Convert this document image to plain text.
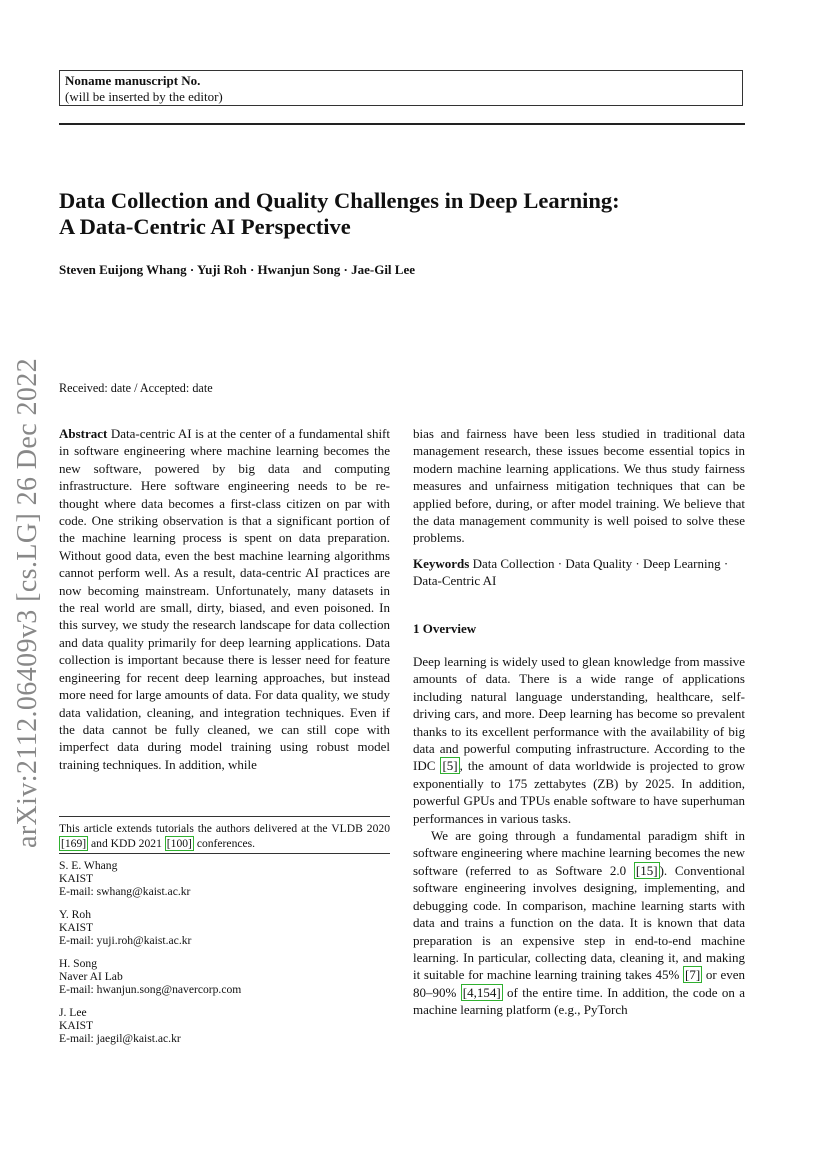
Noname manuscript No.
(will be inserted by the editor)
Data Collection and Quality Challenges in Deep Learning:
A Data-Centric AI Perspective
Steven Euijong Whang · Yuji Roh · Hwanjun Song · Jae-Gil Lee
arXiv:2112.06409v3 [cs.LG] 26 Dec 2022 Received: date / Accepted: date

Abstract Data-centric AI is at the center of a fundamental shift in software engineering where machine learning becomes the new software, powered by big data and computing infrastructure. Here software engineering needs to be re-thought where data becomes a first-class citizen on par with code. One striking observation is that a significant portion of the machine learning process is spent on data preparation. Without good data, even the best machine learning algorithms cannot perform well. As a result, data-centric AI practices are now becoming mainstream. Unfortunately, many datasets in the real world are small, dirty, biased, and even poisoned. In this survey, we study the research landscape for data collection and data quality primarily for deep learning applications. Data collection is important because there is lesser need for feature engineering for recent deep learning approaches, but instead more need for large amounts of data. For data quality, we study data validation, cleaning, and integration techniques. Even if the data cannot be fully cleaned, we can still cope with imperfect data during model training using robust model training techniques. In addition, while

bias and fairness have been less studied in traditional data management research, these issues become essential topics in modern machine learning applications. We thus study fairness measures and unfairness mitigation techniques that can be applied before, during, or after model training. We believe that the data management community is well poised to solve these problems.

Keywords Data Collection · Data Quality · Deep Learning · Data-Centric AI
1 Overview

Deep learning is widely used to glean knowledge from massive amounts of data. There is a wide range of applications including natural language understanding, healthcare, self-driving cars, and more. Deep learning has become so prevalent thanks to its excellent performance with the availability of big data and powerful computing infrastructure. According to the IDC [5] , the amount of data worldwide is projected to grow exponentially to 175 zettabytes (ZB) by 2025. In addition, powerful GPUs and TPUs enable software to have superhuman performances in various tasks.

We are going through a fundamental paradigm shift in software engineering where machine learning becomes the new software (referred to as Software 2.0 [15] ). Conventional software engineering involves designing, implementing, and debugging code. In comparison, machine learning starts with data and trains a function on the data. It is known that data preparation is an expensive step in end-to-end machine learning. In particular, collecting data, cleaning it, and making it suitable for machine learning training takes 45% [7] or even 80–90% [4,154] of the entire time. In addition, the code on a machine learning platform (e.g., PyTorch

This article extends tutorials the authors delivered at the VLDB 2020 [169] and KDD 2021 [100] conferences.
S. E. Whang
KAIST
E-mail: swhang@kaist.ac.kr
Y. Roh
KAIST
E-mail: yuji.roh@kaist.ac.kr
H. Song
Naver AI Lab
E-mail: hwanjun.song@navercorp.com
J. Lee
KAIST
E-mail: jaegil@kaist.ac.kr
